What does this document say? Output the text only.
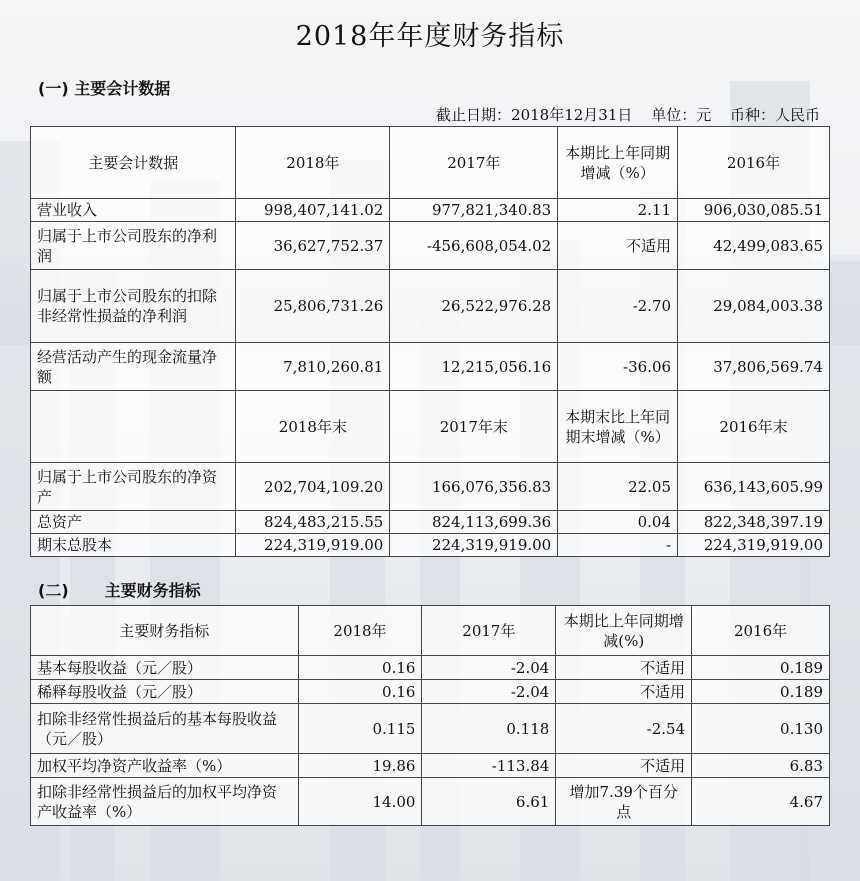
2018年年度财务指标
(一) 主要会计数据
截止日期：2018年12月31日 单位：元 币种：人民币
主要会计数据	2018年	2017年	本期比上年同期增减（%）	2016年
营业收入	998,407,141.02	977,821,340.83	2.11	906,030,085.51
归属于上市公司股东的净利润	36,627,752.37	-456,608,054.02	不适用	42,499,083.65
归属于上市公司股东的扣除非经常性损益的净利润	25,806,731.26	26,522,976.28	-2.70	29,084,003.38
经营活动产生的现金流量净额	7,810,260.81	12,215,056.16	-36.06	37,806,569.74
	2018年末	2017年末	本期末比上年同期末增减（%）	2016年末
归属于上市公司股东的净资产	202,704,109.20	166,076,356.83	22.05	636,143,605.99
总资产	824,483,215.55	824,113,699.36	0.04	822,348,397.19
期末总股本	224,319,919.00	224,319,919.00	-	224,319,919.00
(二) 主要财务指标
主要财务指标	2018年	2017年	本期比上年同期增减(%)	2016年
基本每股收益（元／股）	0.16	-2.04	不适用	0.189
稀释每股收益（元／股）	0.16	-2.04	不适用	0.189
扣除非经常性损益后的基本每股收益（元／股）	0.115	0.118	-2.54	0.130
加权平均净资产收益率（%）	19.86	-113.84	不适用	6.83
扣除非经常性损益后的加权平均净资产收益率（%）	14.00	6.61	增加7.39个百分点	4.67
